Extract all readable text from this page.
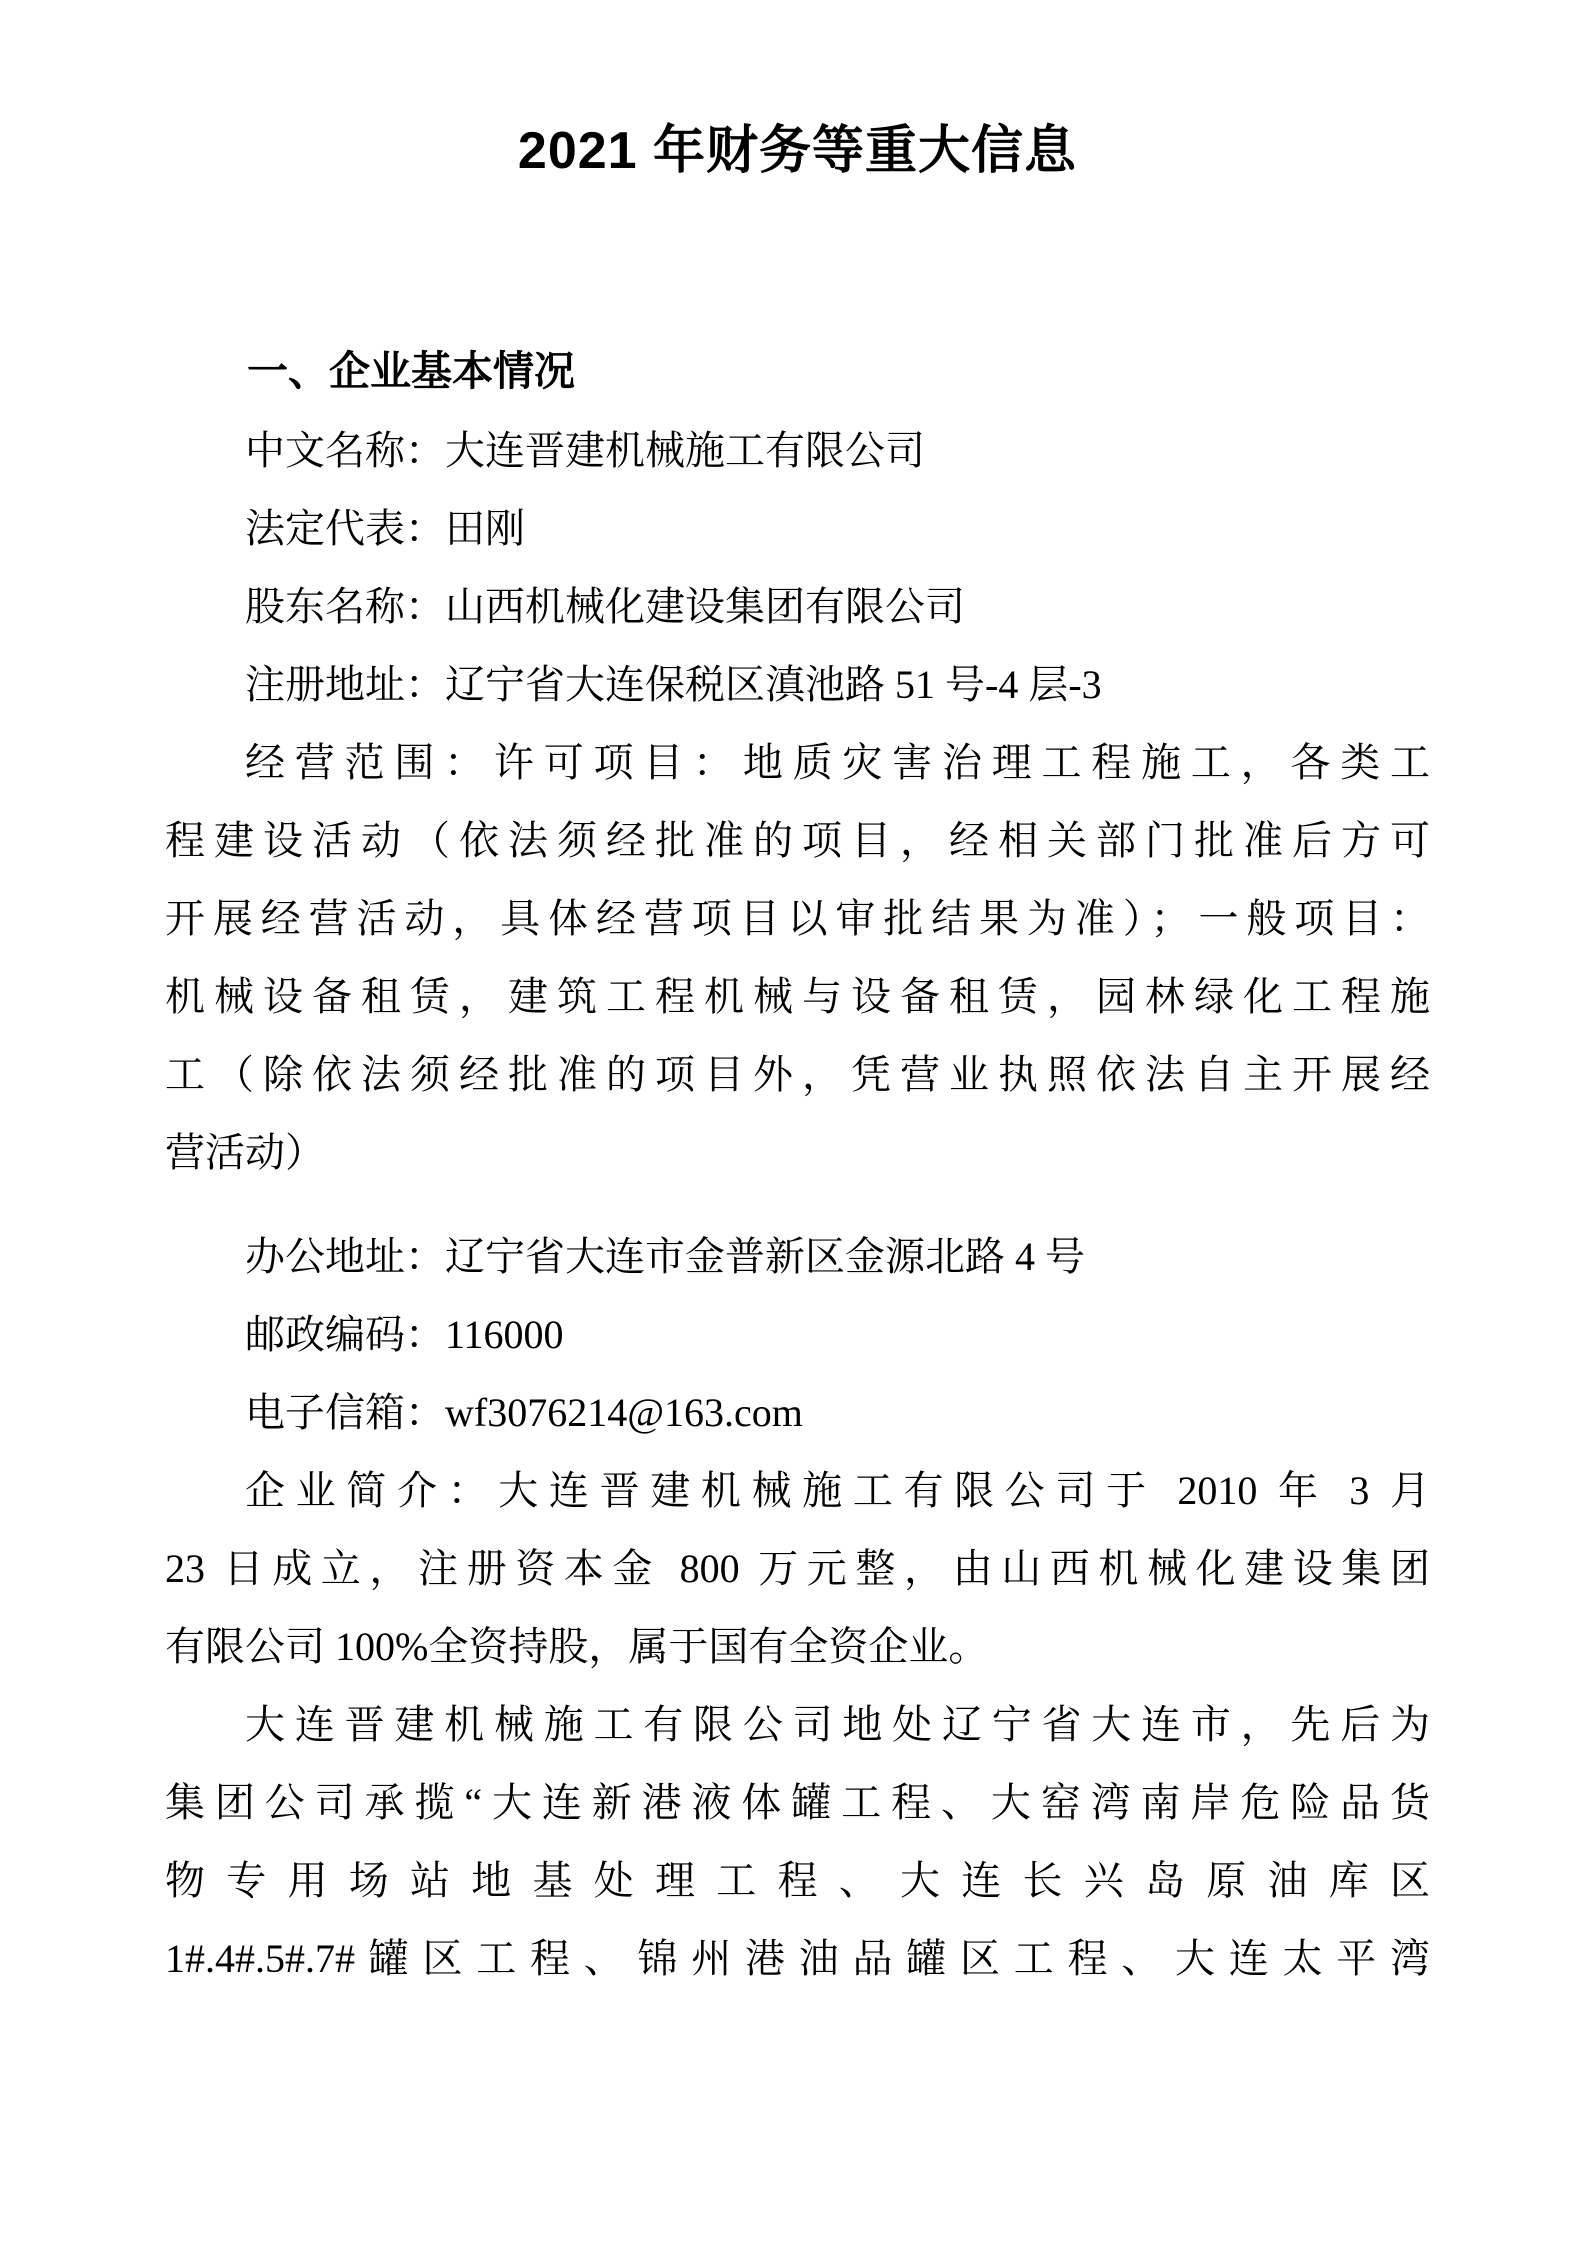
2021 年财务等重大信息
一、企业基本情况
中文名称：大连晋建机械施工有限公司
法定代表：田刚
股东名称：山西机械化建设集团有限公司
注册地址：辽宁省大连保税区滇池路 51 号-4 层-3
经营范围：许可项目：地质灾害治理工程施工，各类工
程建设活动（依法须经批准的项目，经相关部门批准后方可
开展经营活动，具体经营项目以审批结果为准）；一般项目：
机械设备租赁，建筑工程机械与设备租赁，园林绿化工程施
工（除依法须经批准的项目外，凭营业执照依法自主开展经
营活动）
办公地址：辽宁省大连市金普新区金源北路 4 号
邮政编码：116000
电子信箱：wf3076214@163.com
企业简介：大连晋建机械施工有限公司于 2010 年 3 月
23 日成立，注册资本金 800 万元整，由山西机械化建设集团
有限公司 100%全资持股，属于国有全资企业。
大连晋建机械施工有限公司地处辽宁省大连市，先后为
集团公司承揽“大连新港液体罐工程、大窑湾南岸危险品货
物专用场站地基处理工程、大连长兴岛原油库区
1#.4#.5#.7#罐区工程、锦州港油品罐区工程、大连太平湾
